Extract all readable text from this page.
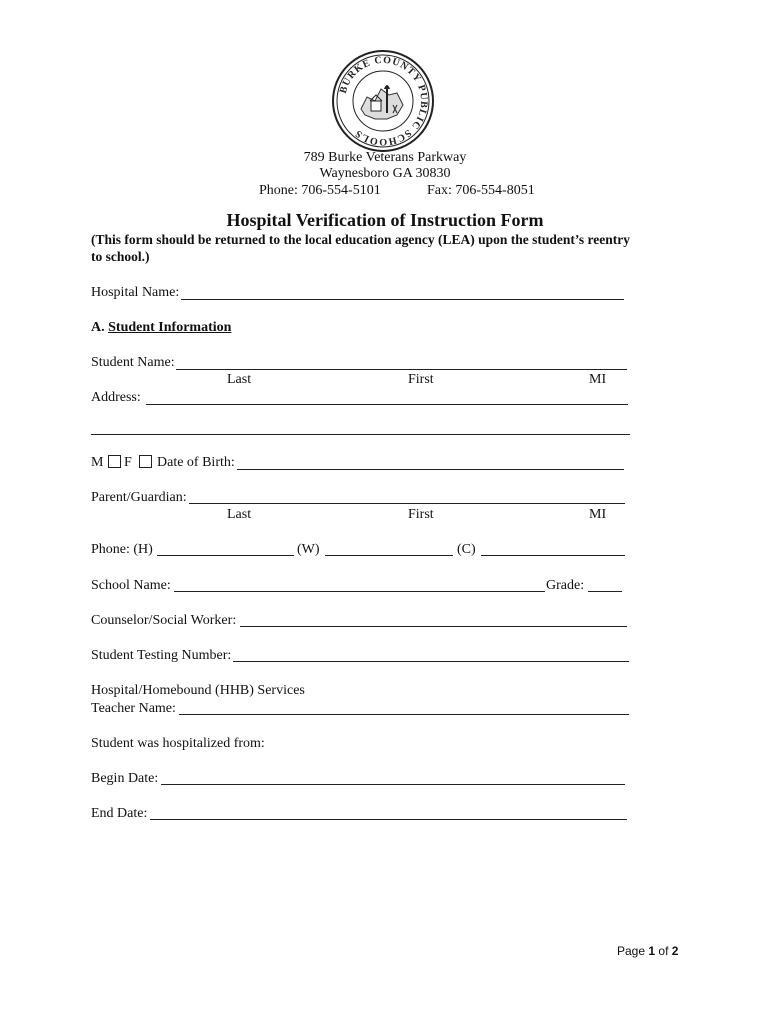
BURKE COUNTY PUBLIC SCHOOLS
789 Burke Veterans Parkway
Waynesboro GA 30830
Phone: 706-554-5101	Fax: 706-554-8051
Hospital Verification of Instruction Form
(This form should be returned to the local education agency (LEA) upon the student’s reentry
to school.)
Hospital Name:
A. Student Information
Student Name:
Last	First	MI
Address:
M F Date of Birth:
Parent/Guardian:
Last	First	MI
Phone: (H)	(W)	(C)
School Name:	Grade:
Counselor/Social Worker:
Student Testing Number:
Hospital/Homebound (HHB) Services
Teacher Name:
Student was hospitalized from:
Begin Date:
End Date:
Page 1 of 2
